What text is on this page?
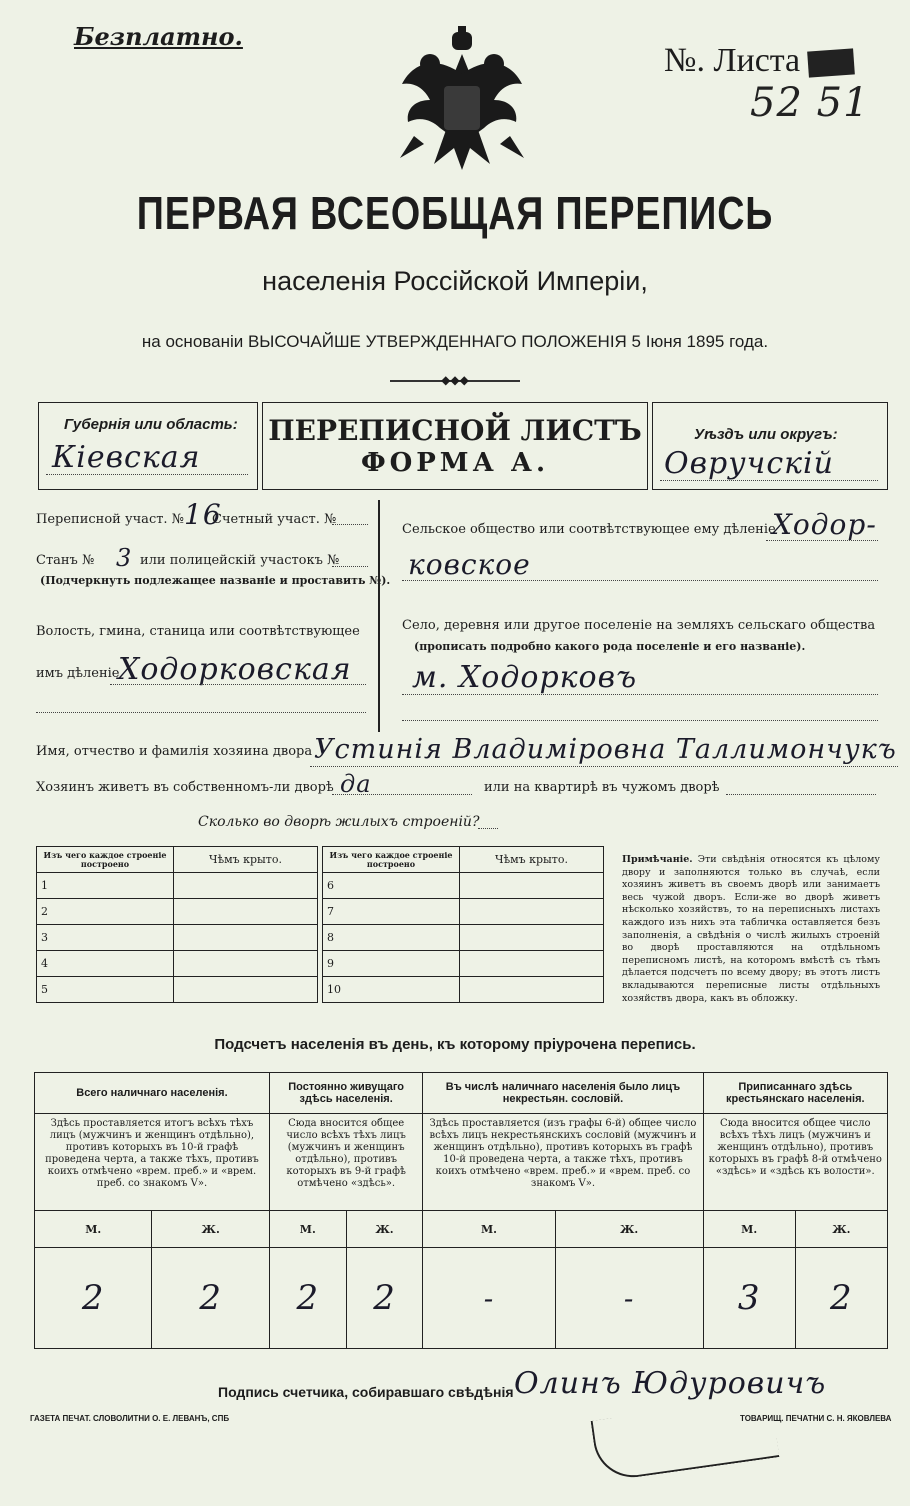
Безплатно.
№. Листа
52 51
ПЕРВАЯ ВСЕОБЩАЯ ПЕРЕПИСЬ
населенія Россійской Имперіи,
на основаніи ВЫСОЧАЙШЕ УТВЕРЖДЕННАГО ПОЛОЖЕНІЯ 5 Іюня 1895 года.
◆◆◆
Губернія или область:
Кіевская
ПЕРЕПИСНОЙ ЛИСТЪ
ФОРМА А.
Уѣздъ или округъ:
Овручскій
Переписной участ. № 16
Счетный участ. №
Станъ № 3 или полицейскій участокъ №
(Подчеркнуть подлежащее названіе и проставить №).
Волость, гмина, станица или соотвѣтствующее
имъ дѣленіе
Ходорковская
Сельское общество или соотвѣтствующее ему дѣленіе
Ходор-
ковское
Село, деревня или другое поселеніе на земляхъ сельскаго общества
(прописать подробно какого рода поселеніе и его названіе).
м. Ходорковъ
Имя, отчество и фамилія хозяина двора Устинія Владиміровна Таллимончукъ
Хозяинъ живетъ въ собственномъ-ли дворѣ да	или на квартирѣ въ чужомъ дворѣ
Сколько во дворѣ жилыхъ строеній?
Изъ чего каждое строеніе построено	Чѣмъ крыто.
1	
2	
3	
4	
5	
Изъ чего каждое строеніе построено	Чѣмъ крыто.
6	
7	
8	
9	
10	
Примѣчаніе. Эти свѣдѣнія относятся къ цѣлому двору и заполняются только въ случаѣ, если хозяинъ живетъ въ своемъ дворѣ или занимаетъ весь чужой дворъ. Если-же во дворѣ живетъ нѣсколько хозяйствъ, то на переписныхъ листахъ каждого изъ нихъ эта табличка оставляется безъ заполненія, а свѣдѣнія о числѣ жилыхъ строеній во дворѣ проставляются на отдѣльномъ переписномъ листѣ, на которомъ вмѣстѣ съ тѣмъ дѣлается подсчетъ по всему двору; въ этотъ листъ вкладываются переписные листы отдѣльныхъ хозяйствъ двора, какъ въ обложку.
Подсчетъ населенія въ день, къ которому пріурочена перепись.
Всего наличнаго населенія.		Постоянно живущаго здѣсь населенія.		Въ числѣ наличнаго населенія было лицъ некрестьян. сословій.		Приписаннаго здѣсь крестьянскаго населенія.	
Здѣсь проставляется итогъ всѣхъ тѣхъ лицъ (мужчинъ и женщинъ отдѣльно), противъ которыхъ въ 10-й графѣ проведена черта, а также тѣхъ, противъ коихъ отмѣчено «врем. преб.» и «врем. преб. со знакомъ V».		Сюда вносится общее число всѣхъ тѣхъ лицъ (мужчинъ и женщинъ отдѣльно), противъ которыхъ въ 9-й графѣ отмѣчено «здѣсь».		Здѣсь проставляется (изъ графы 6-й) общее число всѣхъ лицъ некрестьянскихъ сословій (мужчинъ и женщинъ отдѣльно), противъ которыхъ въ графѣ 10-й проведена черта, а также тѣхъ, противъ коихъ отмѣчено «врем. преб.» и «врем. преб. со знакомъ V».		Сюда вносится общее число всѣхъ тѣхъ лицъ (мужчинъ и женщинъ отдѣльно), противъ которыхъ въ графѣ 8-й отмѣчено «здѣсь» и «здѣсь къ волости».	
М.	Ж.	М.	Ж.	М.	Ж.	М.	Ж.
2	2	2	2	-	-	3	2
Подпись счетчика, собиравшаго свѣдѣнія Олинъ Юдуровичъ
ГАЗЕТА ПЕЧАТ. СЛОВОЛИТНИ О. Е. ЛЕВАНЪ, СПБ	ТОВАРИЩ. ПЕЧАТНИ С. Н. ЯКОВЛЕВА
